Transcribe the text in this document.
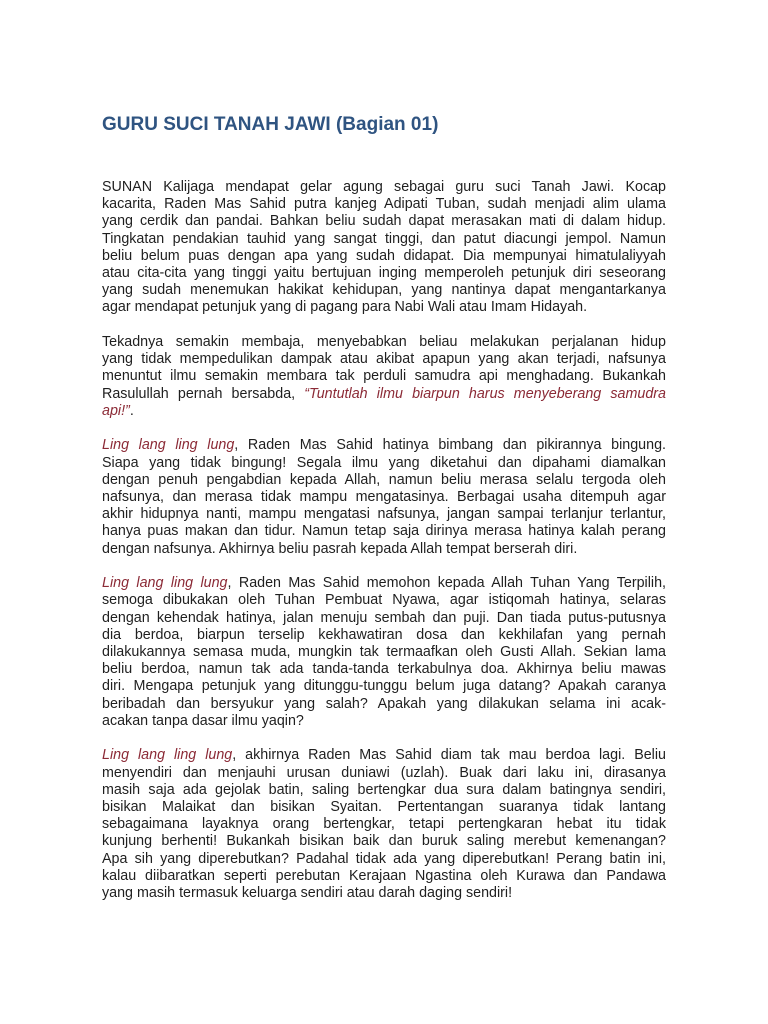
GURU SUCI TANAH JAWI (Bagian 01)

SUNAN Kalijaga mendapat gelar agung sebagai guru suci Tanah Jawi. Kocap
kacarita, Raden Mas Sahid putra kanjeg Adipati Tuban, sudah menjadi alim ulama
yang cerdik dan pandai. Bahkan beliu sudah dapat merasakan mati di dalam hidup.
Tingkatan pendakian tauhid yang sangat tinggi, dan patut diacungi jempol. Namun
beliu belum puas dengan apa yang sudah didapat. Dia mempunyai himatulaliyyah
atau cita-cita yang tinggi yaitu bertujuan inging memperoleh petunjuk diri seseorang
yang sudah menemukan hakikat kehidupan, yang nantinya dapat mengantarkanya
agar mendapat petunjuk yang di pagang para Nabi Wali atau Imam Hidayah.

Tekadnya semakin membaja, menyebabkan beliau melakukan perjalanan hidup
yang tidak mempedulikan dampak atau akibat apapun yang akan terjadi, nafsunya
menuntut ilmu semakin membara tak perduli samudra api menghadang. Bukankah
Rasulullah pernah bersabda, “Tuntutlah ilmu biarpun harus menyeberang samudra
api!”.

Ling lang ling lung, Raden Mas Sahid hatinya bimbang dan pikirannya bingung.
Siapa yang tidak bingung! Segala ilmu yang diketahui dan dipahami diamalkan
dengan penuh pengabdian kepada Allah, namun beliu merasa selalu tergoda oleh
nafsunya, dan merasa tidak mampu mengatasinya. Berbagai usaha ditempuh agar
akhir hidupnya nanti, mampu mengatasi nafsunya, jangan sampai terlanjur terlantur,
hanya puas makan dan tidur. Namun tetap saja dirinya merasa hatinya kalah perang
dengan nafsunya. Akhirnya beliu pasrah kepada Allah tempat berserah diri.

Ling lang ling lung, Raden Mas Sahid memohon kepada Allah Tuhan Yang Terpilih,
semoga dibukakan oleh Tuhan Pembuat Nyawa, agar istiqomah hatinya, selaras
dengan kehendak hatinya, jalan menuju sembah dan puji. Dan tiada putus-putusnya
dia berdoa, biarpun terselip kekhawatiran dosa dan kekhilafan yang pernah
dilakukannya semasa muda, mungkin tak termaafkan oleh Gusti Allah. Sekian lama
beliu berdoa, namun tak ada tanda-tanda terkabulnya doa. Akhirnya beliu mawas
diri. Mengapa petunjuk yang ditunggu-tunggu belum juga datang? Apakah caranya
beribadah dan bersyukur yang salah? Apakah yang dilakukan selama ini acak-
acakan tanpa dasar ilmu yaqin?

Ling lang ling lung, akhirnya Raden Mas Sahid diam tak mau berdoa lagi. Beliu
menyendiri dan menjauhi urusan duniawi (uzlah). Buak dari laku ini, dirasanya
masih saja ada gejolak batin, saling bertengkar dua sura dalam batingnya sendiri,
bisikan Malaikat dan bisikan Syaitan. Pertentangan suaranya tidak lantang
sebagaimana layaknya orang bertengkar, tetapi pertengkaran hebat itu tidak
kunjung berhenti! Bukankah bisikan baik dan buruk saling merebut kemenangan?
Apa sih yang diperebutkan? Padahal tidak ada yang diperebutkan! Perang batin ini,
kalau diibaratkan seperti perebutan Kerajaan Ngastina oleh Kurawa dan Pandawa
yang masih termasuk keluarga sendiri atau darah daging sendiri!
